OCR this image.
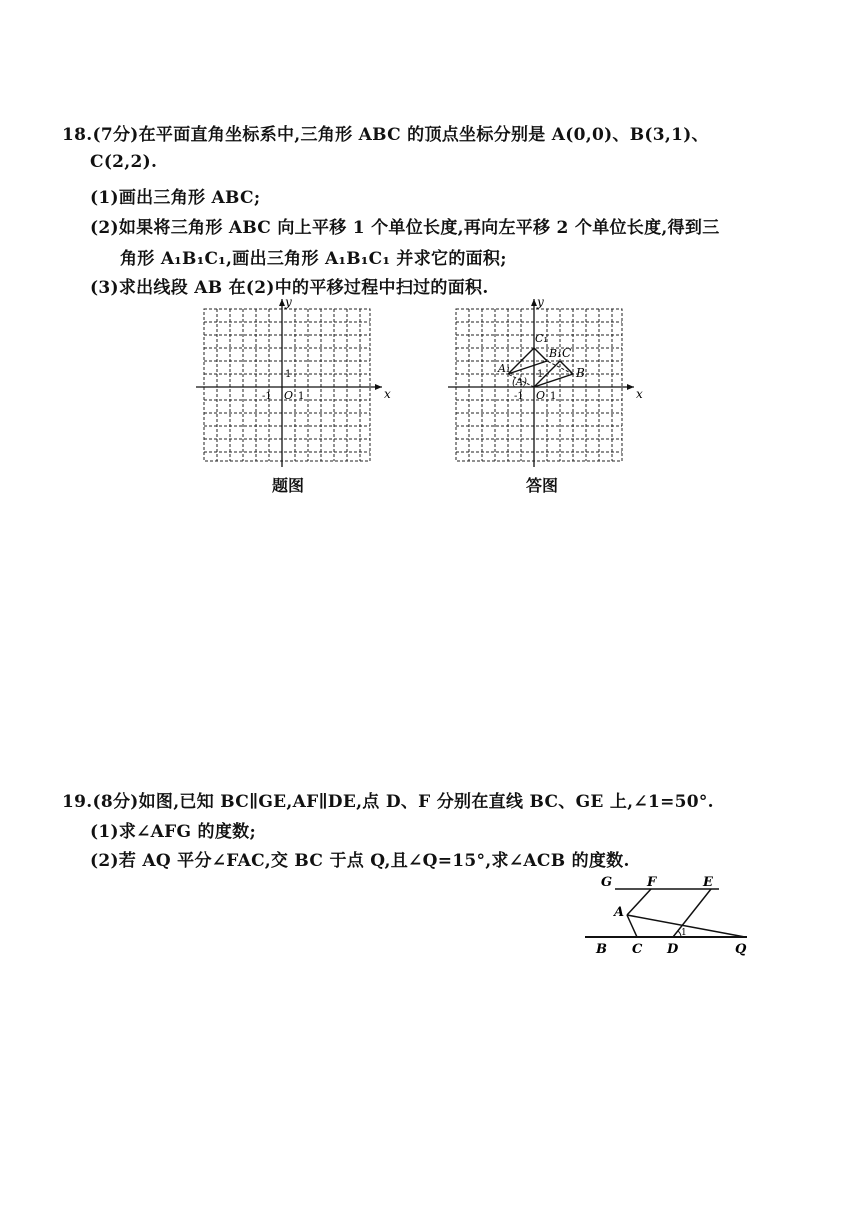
18.(7分)在平面直角坐标系中,三角形 ABC 的顶点坐标分别是 A(0,0)、B(3,1)、
C(2,2).
(1)画出三角形 ABC;
(2)如果将三角形 ABC 向上平移 1 个单位长度,再向左平移 2 个单位长度,得到三
角形 A₁B₁C₁,画出三角形 A₁B₁C₁ 并求它的面积;
(3)求出线段 AB 在(2)中的平移过程中扫过的面积.
x
y
O 1
-1
1
题图
x
y
O 1
-1
1	B
C
A₁
B₁
C₁
(A)
答图
19.(8分)如图,已知 BC∥GE,AF∥DE,点 D、F 分别在直线 BC、GE 上,∠1=50°.
(1)求∠AFG 的度数;
(2)若 AQ 平分∠FAC,交 BC 于点 Q,且∠Q=15°,求∠ACB 的度数.
G	F	E
A
B C D	Q
1
